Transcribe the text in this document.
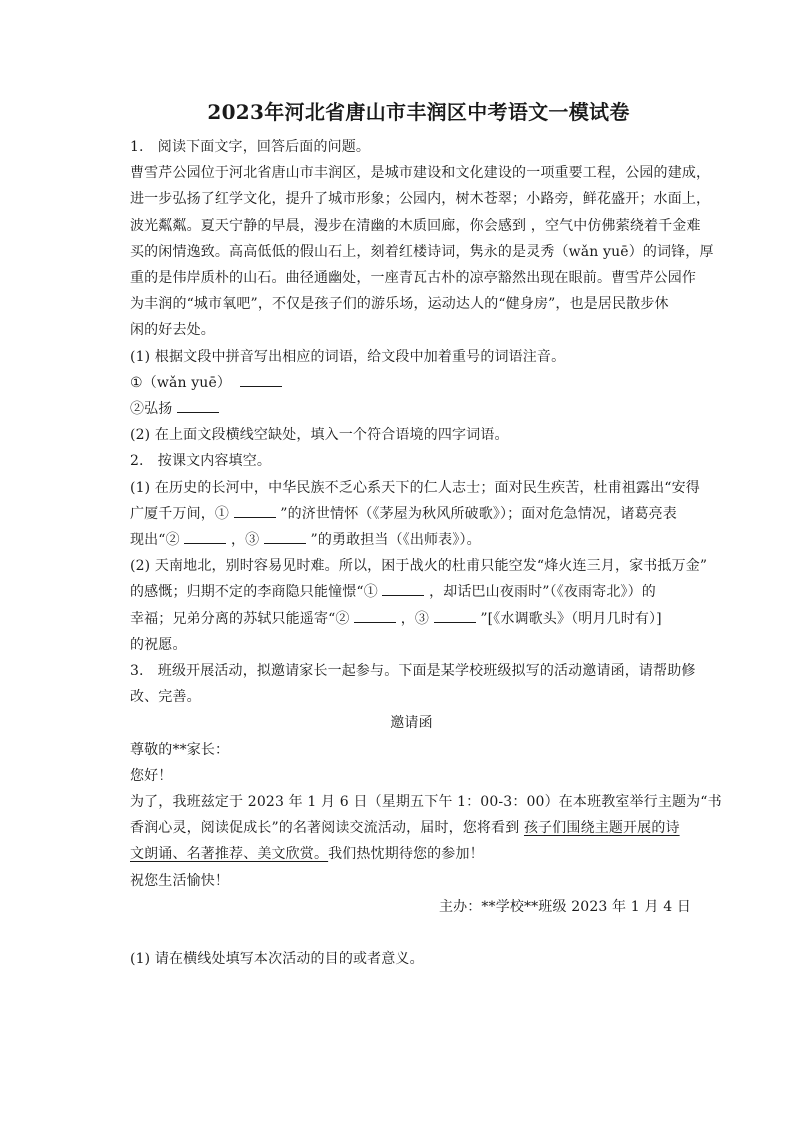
2023年河北省唐山市丰润区中考语文一模试卷
1.　阅读下面文字，回答后面的问题。
曹雪芹公园位于河北省唐山市丰润区，是城市建设和文化建设的一项重要工程，公园的建成，
进一步弘扬了红学文化，提升了城市形象；公园内，树木苍翠；小路旁，鲜花盛开；水面上，
波光粼粼。夏天宁静的早晨，漫步在清幽的木质回廊，你会感到 ，空气中仿佛萦绕着千金难
买的闲情逸致。高高低低的假山石上，刻着红楼诗词，隽永的是灵秀（wǎn yuē）的词锋，厚
重的是伟岸质朴的山石。曲径通幽处，一座青瓦古朴的凉亭豁然出现在眼前。曹雪芹公园作
为丰润的“城市氧吧”，不仅是孩子们的游乐场，运动达人的“健身房”，也是居民散步休
闲的好去处。
(1) 根据文段中拼音写出相应的词语，给文段中加着重号的词语注音。
①（wǎn yuē）
②弘扬
(2) 在上面文段横线空缺处，填入一个符合语境的四字词语。
2.　按课文内容填空。
(1) 在历史的长河中，中华民族不乏心系天下的仁人志士；面对民生疾苦，杜甫祖露出“安得
广厦千万间，①	”的济世情怀（《茅屋为秋风所破歌》）；面对危急情况，诸葛亮表
现出“②	，③	”的勇敢担当（《出师表》）。
(2) 天南地北，别时容易见时难。所以，困于战火的杜甫只能空发“烽火连三月，家书抵万金”
的感慨；归期不定的李商隐只能憧憬“①	，却话巴山夜雨时”（《夜雨寄北》）的
幸福；兄弟分离的苏轼只能遥寄“②	，③	”[《水调歌头》（明月几时有）]
的祝愿。
3.　班级开展活动，拟邀请家长一起参与。下面是某学校班级拟写的活动邀请函，请帮助修
改、完善。
邀请函
尊敬的**家长：
您好！
为了，我班兹定于 2023 年 1 月 6 日（星期五下午 1：00-3：00）在本班教室举行主题为“书
香润心灵，阅读促成长”的名著阅读交流活动，届时，您将看到 孩子们围绕主题开展的诗
文朗诵、名著推荐、美文欣赏。我们热忱期待您的参加！
祝您生活愉快！
主办：**学校**班级 2023 年 1 月 4 日
(1) 请在横线处填写本次活动的目的或者意义。
